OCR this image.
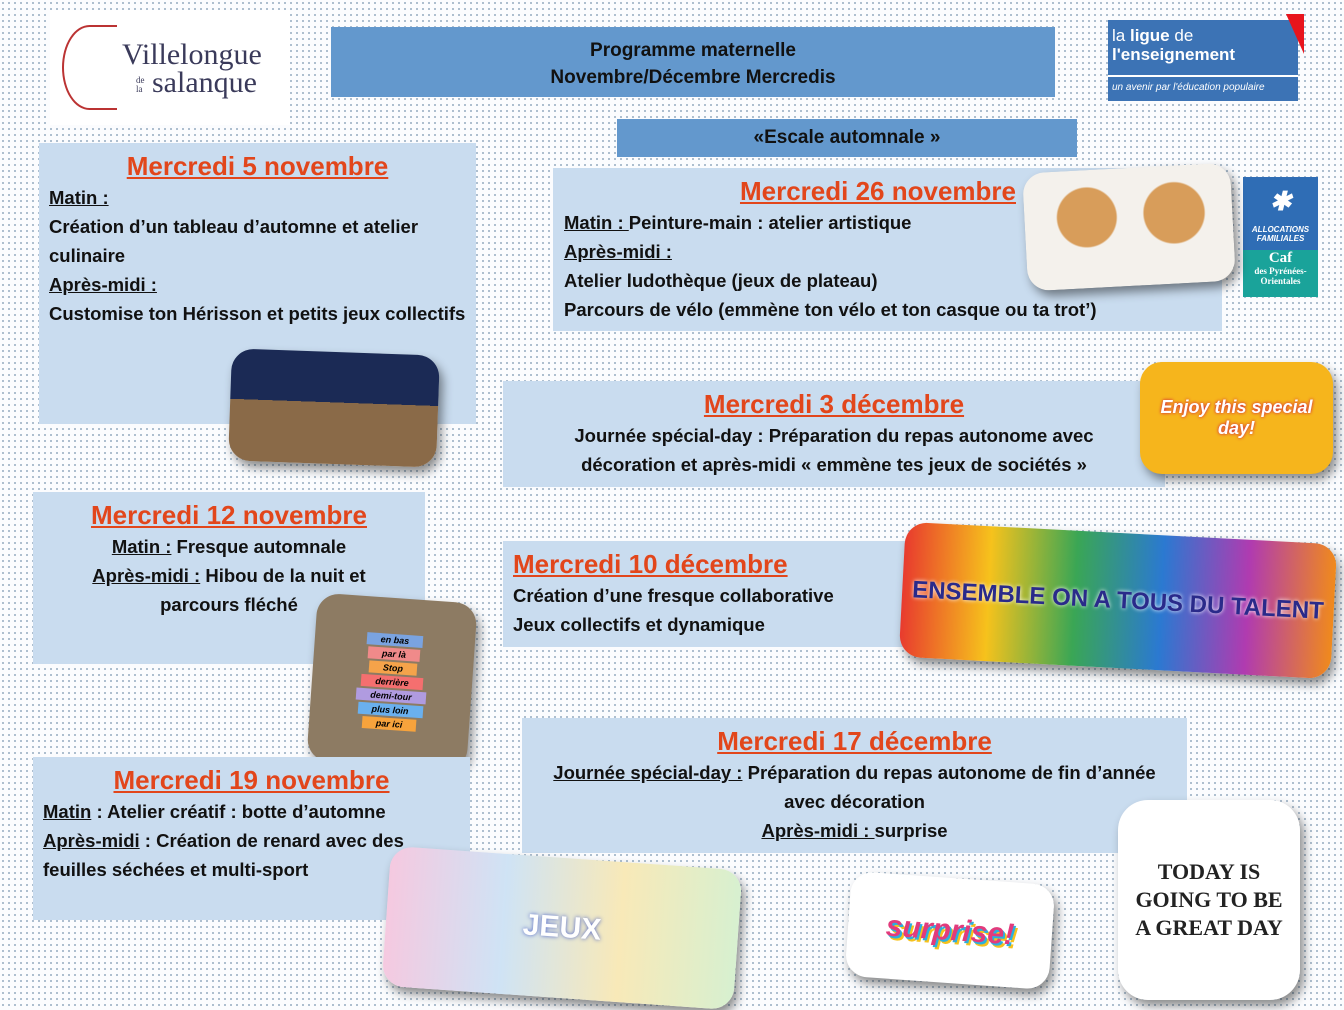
Villelongue
de la salanque
Programme maternelle
Novembre/Décembre Mercredis
la ligue de
l'enseignement
un avenir par l'éducation populaire
«Escale automnale »
✱
ALLOCATIONS
FAMILIALES
Caf
des Pyrénées-
Orientales
Mercredi 5 novembre
Matin :
Création d’un tableau d’automne et atelier culinaire
Après-midi :
Customise ton Hérisson et petits jeux collectifs
Mercredi 26 novembre
Matin : Peinture-main : atelier artistique
Après-midi :
Atelier ludothèque (jeux de plateau)
Parcours de vélo (emmène ton vélo et ton casque ou ta trot’)
Mercredi 3 décembre
Journée spécial-day : Préparation du repas autonome avec
décoration et après-midi « emmène tes jeux de sociétés »
Enjoy this special day!
Mercredi 12 novembre
Matin : Fresque automnale
Après-midi : Hibou de la nuit et parcours fléché
en bas
par là
Stop
derrière
demi-tour
plus loin
par ici
Mercredi 10 décembre
Création d’une fresque collaborative
Jeux collectifs et dynamique
ENSEMBLE ON A TOUS DU TALENT
Mercredi 17 décembre
Journée spécial-day : Préparation du repas autonome de fin d’année avec décoration
Après-midi : surprise
Mercredi 19 novembre
Matin : Atelier créatif : botte d’automne
Après-midi : Création de renard avec des feuilles séchées et multi-sport
JEUX	surprise!
TODAY IS GOING TO BE A GREAT DAY
